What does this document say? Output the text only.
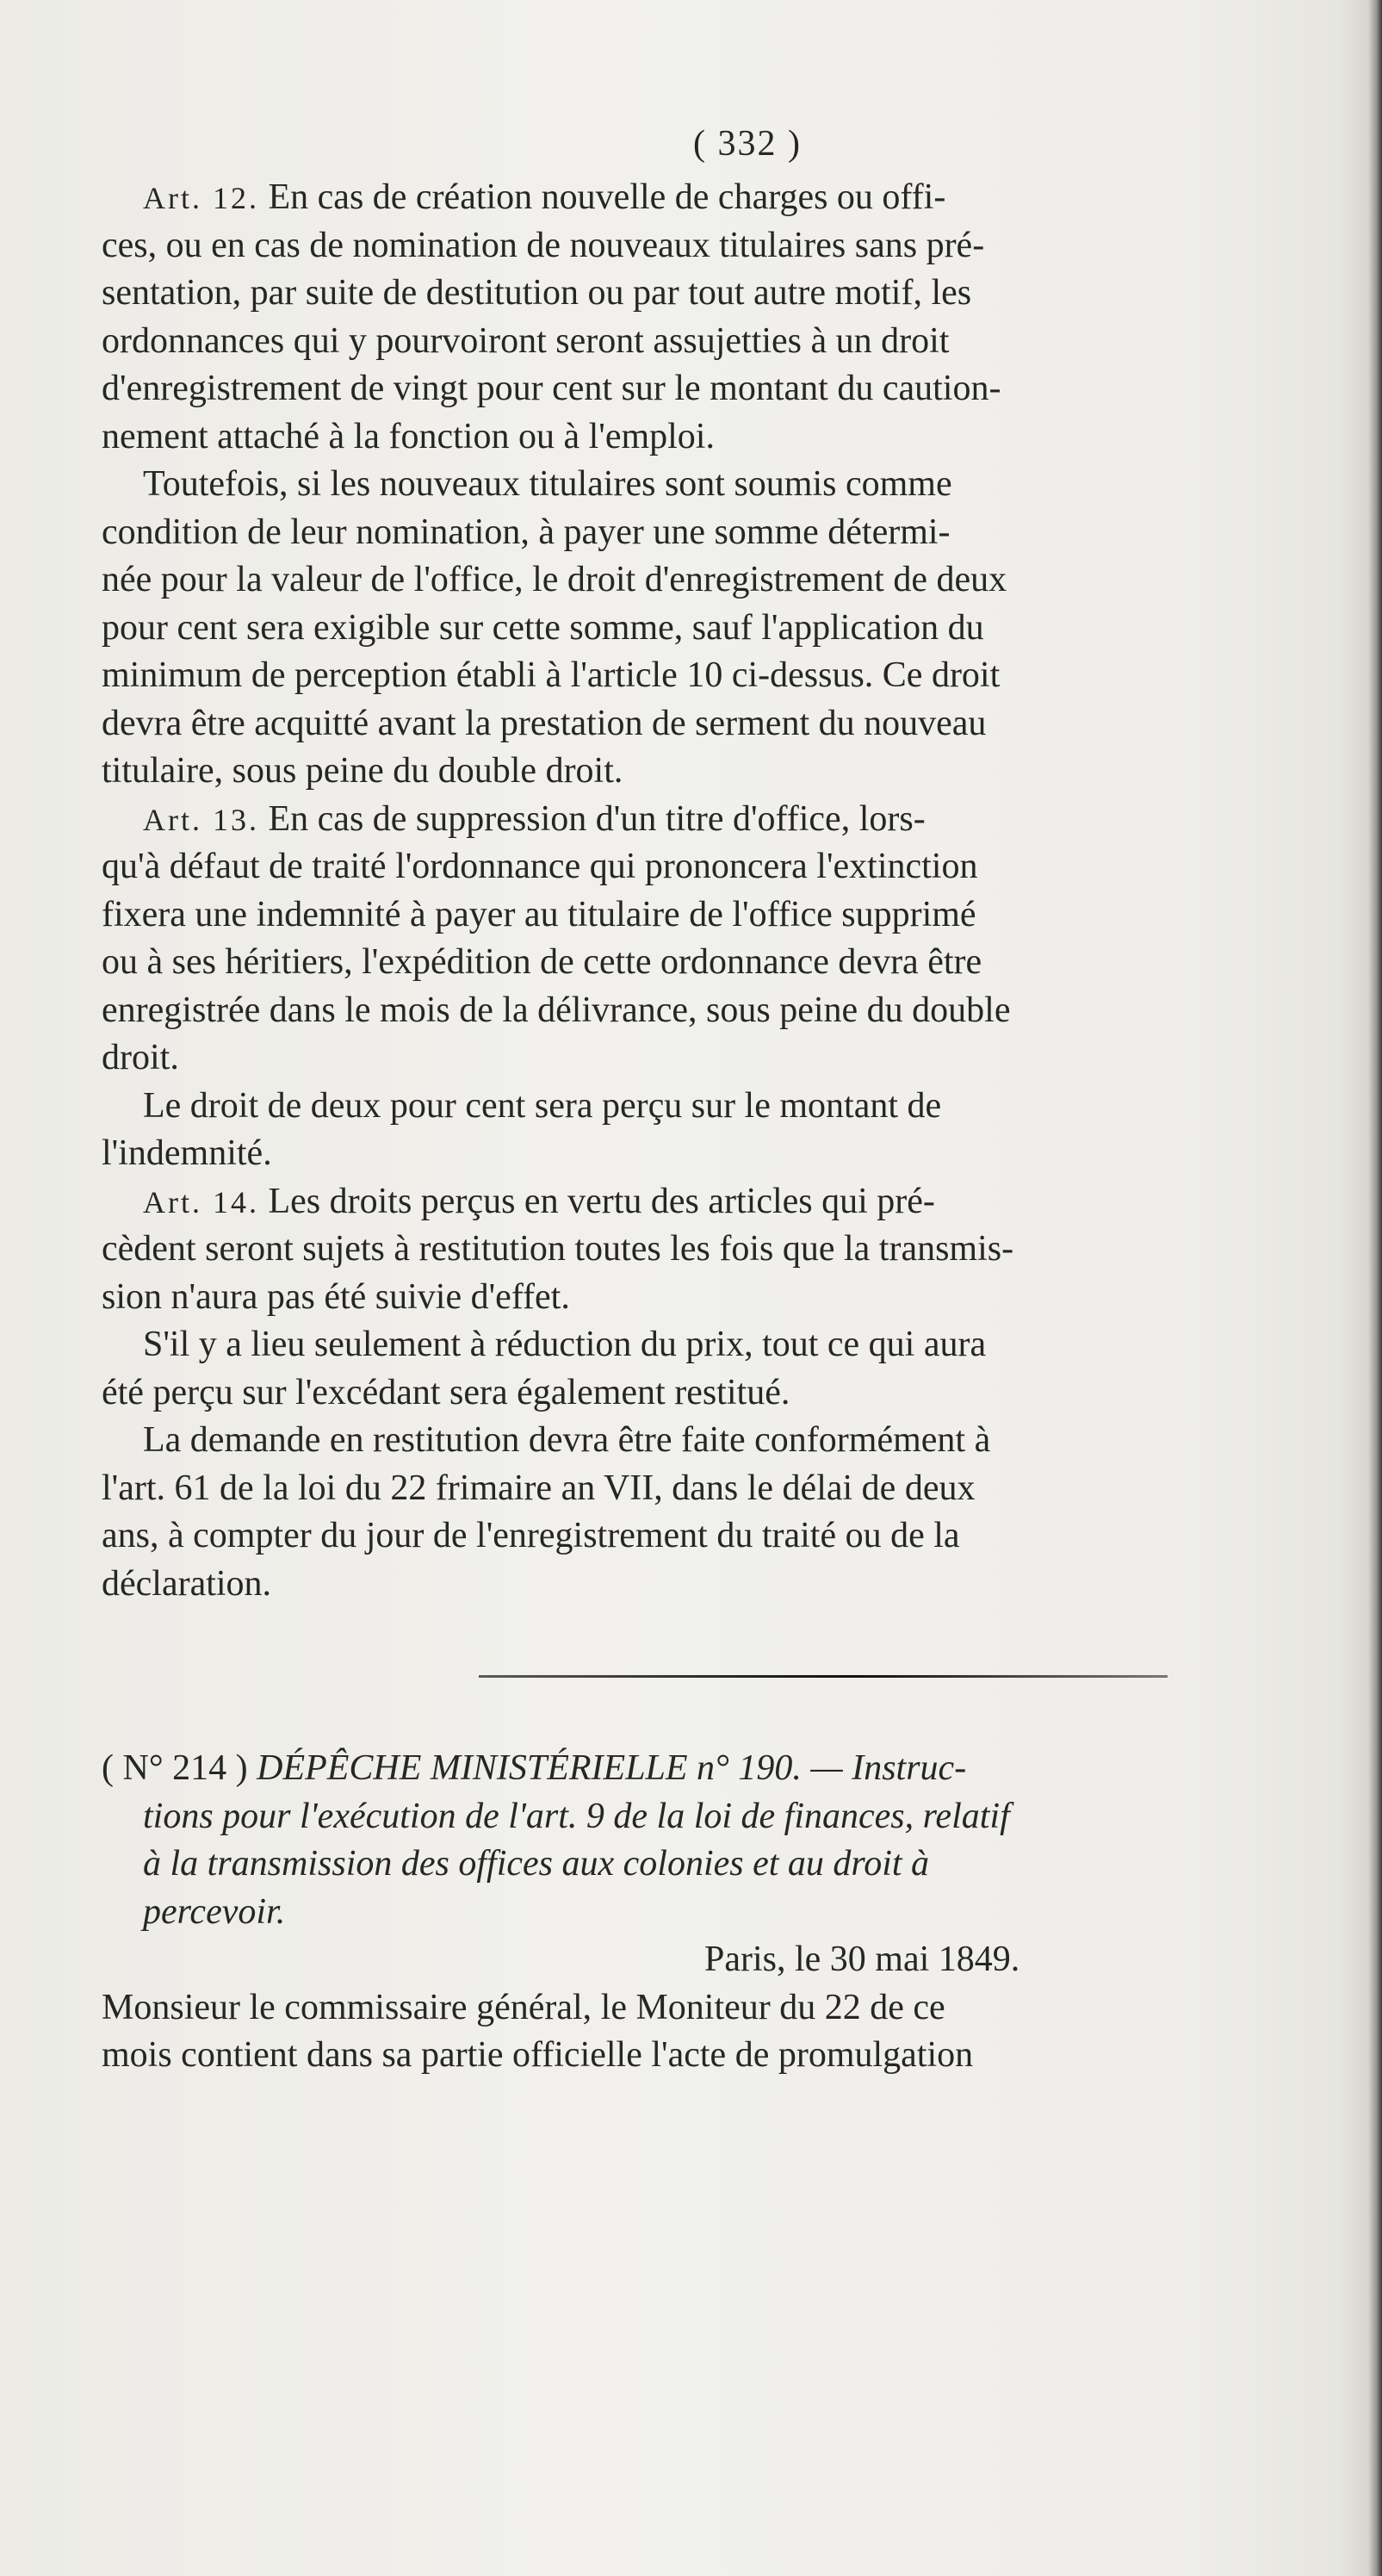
( 332 )
Art. 12. En cas de création nouvelle de charges ou offi-
ces, ou en cas de nomination de nouveaux titulaires sans pré-
sentation, par suite de destitution ou par tout autre motif, les
ordonnances qui y pourvoiront seront assujetties à un droit
d'enregistrement de vingt pour cent sur le montant du caution-
nement attaché à la fonction ou à l'emploi.
Toutefois, si les nouveaux titulaires sont soumis comme
condition de leur nomination, à payer une somme détermi-
née pour la valeur de l'office, le droit d'enregistrement de deux
pour cent sera exigible sur cette somme, sauf l'application du
minimum de perception établi à l'article 10 ci-dessus. Ce droit
devra être acquitté avant la prestation de serment du nouveau
titulaire, sous peine du double droit.
Art. 13. En cas de suppression d'un titre d'office, lors-
qu'à défaut de traité l'ordonnance qui prononcera l'extinction
fixera une indemnité à payer au titulaire de l'office supprimé
ou à ses héritiers, l'expédition de cette ordonnance devra être
enregistrée dans le mois de la délivrance, sous peine du double
droit.
Le droit de deux pour cent sera perçu sur le montant de
l'indemnité.
Art. 14. Les droits perçus en vertu des articles qui pré-
cèdent seront sujets à restitution toutes les fois que la transmis-
sion n'aura pas été suivie d'effet.
S'il y a lieu seulement à réduction du prix, tout ce qui aura
été perçu sur l'excédant sera également restitué.
La demande en restitution devra être faite conformément à
l'art. 61 de la loi du 22 frimaire an VII, dans le délai de deux
ans, à compter du jour de l'enregistrement du traité ou de la
déclaration.
( N° 214 ) DÉPÊCHE MINISTÉRIELLE n° 190. — Instruc-
tions pour l'exécution de l'art. 9 de la loi de finances, relatif
à la transmission des offices aux colonies et au droit à
percevoir.
Paris, le 30 mai 1849.
Monsieur le commissaire général, le Moniteur du 22 de ce
mois contient dans sa partie officielle l'acte de promulgation
